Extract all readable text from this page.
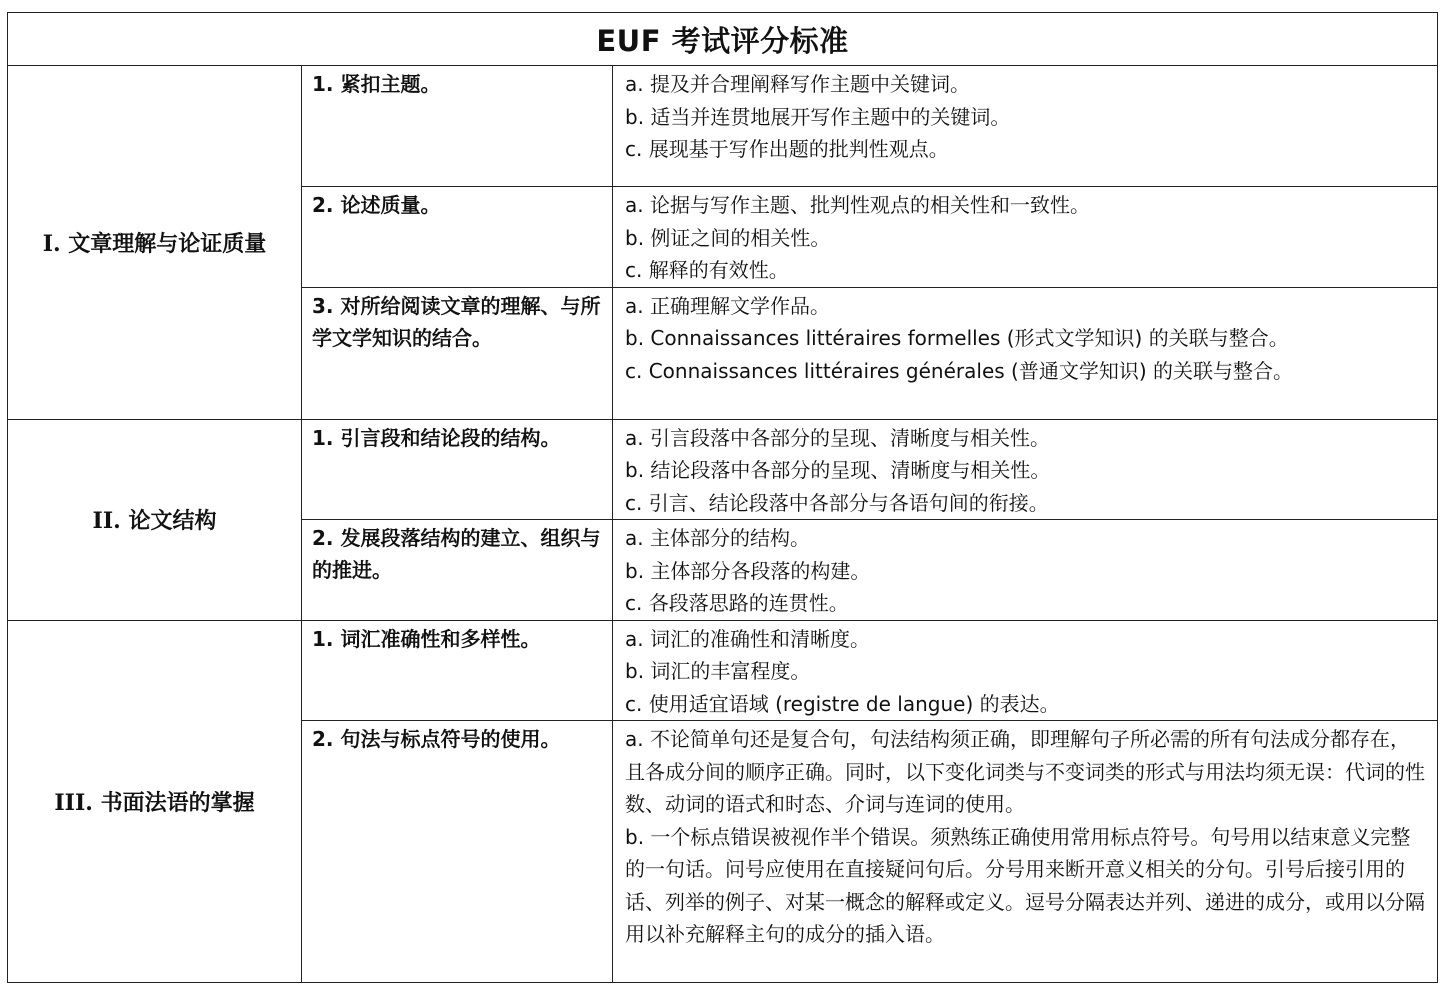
EUF 考试评分标准		
I. 文章理解与论证质量	1. 紧扣主题。	a. 提及并合理阐释写作主题中关键词。
b. 适当并连贯地展开写作主题中的关键词。
c. 展现基于写作出题的批判性观点。

	2. 论述质量。	a. 论据与写作主题、批判性观点的相关性和一致性。
b. 例证之间的相关性。
c. 解释的有效性。

	3. 对所给阅读文章的理解、与所学文学知识的结合。	a. 正确理解文学作品。
b. Connaissances littéraires formelles (形式文学知识) 的关联与整合。
c. Connaissances littéraires générales (普通文学知识) 的关联与整合。

II. 论文结构	1. 引言段和结论段的结构。	a. 引言段落中各部分的呈现、清晰度与相关性。
b. 结论段落中各部分的呈现、清晰度与相关性。
c. 引言、结论段落中各部分与各语句间的衔接。

	2. 发展段落结构的建立、组织与的推进。	a. 主体部分的结构。
b. 主体部分各段落的构建。
c. 各段落思路的连贯性。

III. 书面法语的掌握	1. 词汇准确性和多样性。	a. 词汇的准确性和清晰度。
b. 词汇的丰富程度。
c. 使用适宜语域 (registre de langue) 的表达。

	2. 句法与标点符号的使用。	a. 不论简单句还是复合句，句法结构须正确，即理解句子所必需的所有句法成分都存在，且各成分间的顺序正确。同时，以下变化词类与不变词类的形式与用法均须无误：代词的性数、动词的语式和时态、介词与连词的使用。
b. 一个标点错误被视作半个错误。须熟练正确使用常用标点符号。句号用以结束意义完整的一句话。问号应使用在直接疑问句后。分号用来断开意义相关的分句。引号后接引用的话、列举的例子、对某一概念的解释或定义。逗号分隔表达并列、递进的成分，或用以分隔用以补充解释主句的成分的插入语。
